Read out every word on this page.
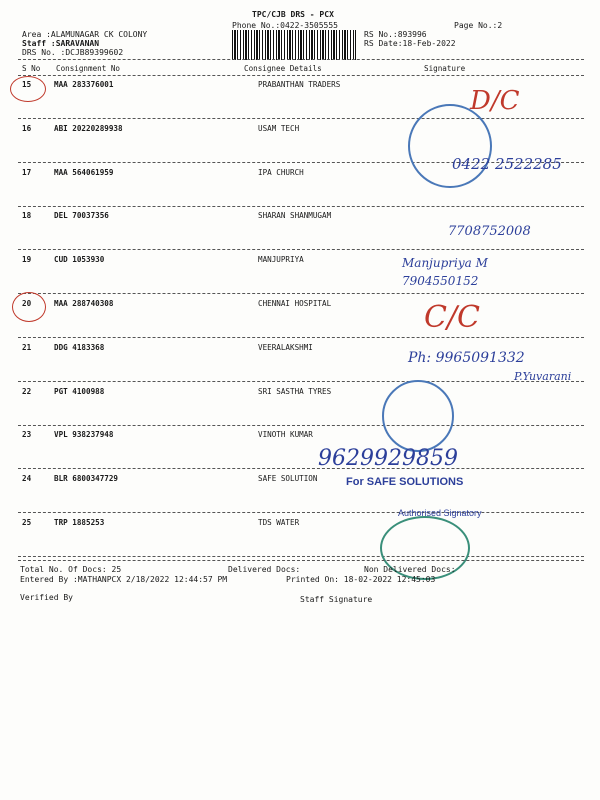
TPC/CJB DRS - PCX
Phone No.:0422-3505555
Area :ALAMUNAGAR CK COLONY
Staff :SARAVANAN
DRS No. :DCJB89399602
RS No.:893996
RS Date:18-Feb-2022
Page No.:2
S No Consignment No	Consignee Details	Signature
15	MAA 283376001	PRABANTHAN TRADERS
16	ABI 20220289938	USAM TECH
17	MAA 564061959	IPA CHURCH
18	DEL 70037356	SHARAN SHANMUGAM
19	CUD 1053930	MANJUPRIYA
20	MAA 288740308	CHENNAI HOSPITAL
21	DDG 4183368	VEERALAKSHMI
22	PGT 4100988	SRI SASTHA TYRES
23	VPL 938237948	VINOTH KUMAR
24	BLR 6800347729	SAFE SOLUTION
25	TRP 1885253	TDS WATER
D/C
C/C
0422 2522285
7708752008
Manjupriya M
7904550152
Ph: 9965091332
P.Yuvarani
9629929859
For SAFE SOLUTIONS
Authorised Signatory
Total No. Of Docs: 25	Delivered Docs:	Non Delivered Docs:
Entered By :MATHANPCX 2/18/2022 12:44:57 PM	Printed On: 18-02-2022 12:45:03
Verified By	Staff Signature
